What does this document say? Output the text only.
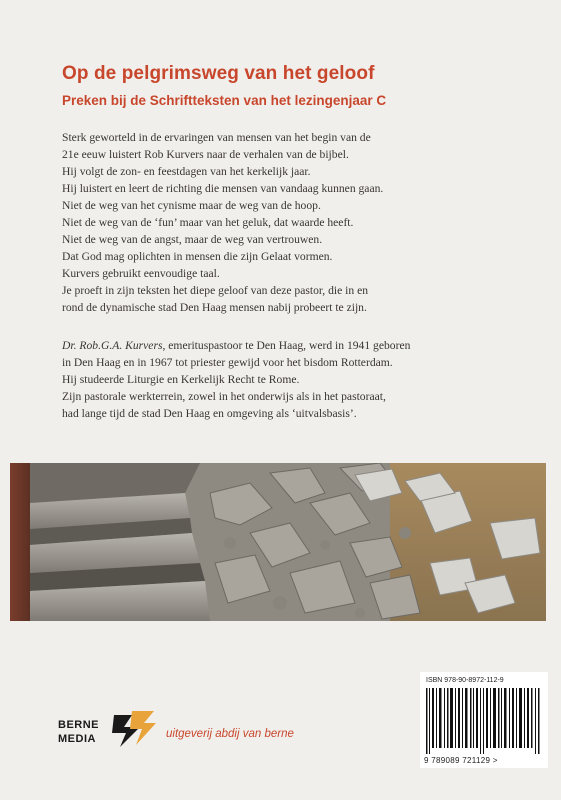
Op de pelgrimsweg van het geloof
Preken bij de Schriftteksten van het lezingenjaar C
Sterk geworteld in de ervaringen van mensen van het begin van de
21e eeuw luistert Rob Kurvers naar de verhalen van de bijbel.
Hij volgt de zon- en feestdagen van het kerkelijk jaar.
Hij luistert en leert de richting die mensen van vandaag kunnen gaan.
Niet de weg van het cynisme maar de weg van de hoop.
Niet de weg van de ‘fun’ maar van het geluk, dat waarde heeft.
Niet de weg van de angst, maar de weg van vertrouwen.
Dat God mag oplichten in mensen die zijn Gelaat vormen.
Kurvers gebruikt eenvoudige taal.
Je proeft in zijn teksten het diepe geloof van deze pastor, die in en
rond de dynamische stad Den Haag mensen nabij probeert te zijn.
Dr. Rob.G.A. Kurvers, emerituspastoor te Den Haag, werd in 1941 geboren
in Den Haag en in 1967 tot priester gewijd voor het bisdom Rotterdam.
Hij studeerde Liturgie en Kerkelijk Recht te Rome.
Zijn pastorale werkterrein, zowel in het onderwijs als in het pastoraat,
had lange tijd de stad Den Haag en omgeving als ‘uitvalsbasis’.
ISBN 978-90-8972-112-9
9 789089 721129 >
BERNE
MEDIA	uitgeverij abdij van berne
